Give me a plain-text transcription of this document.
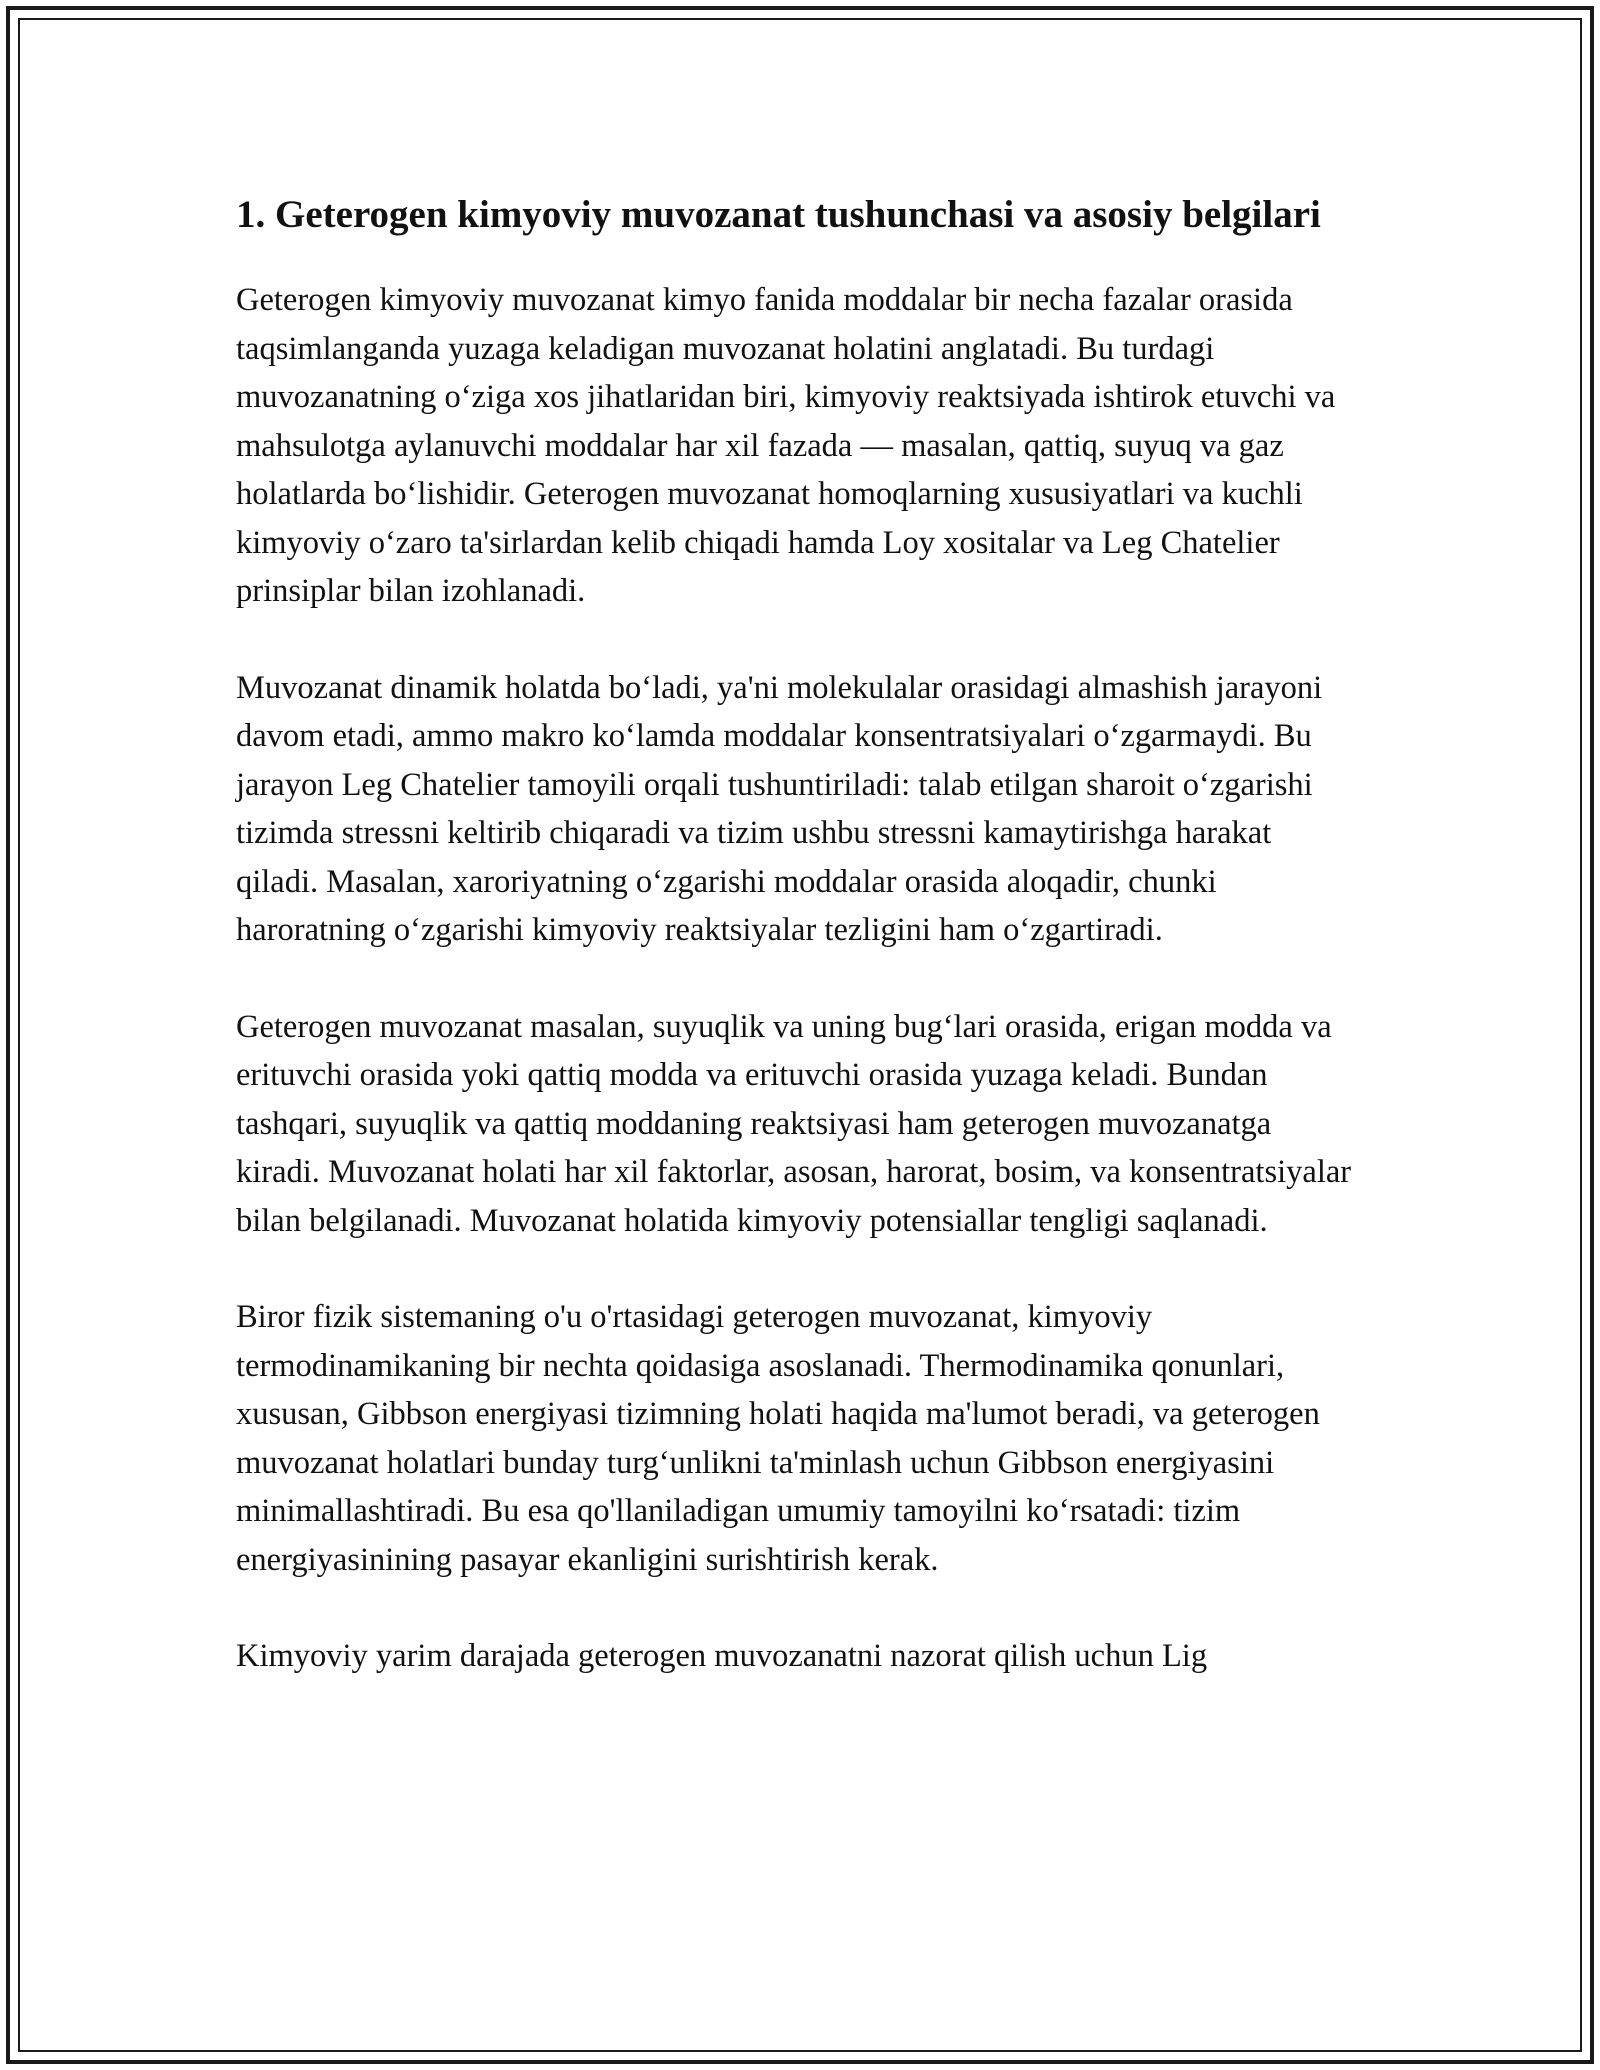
1. Geterogen kimyoviy muvozanat tushunchasi va asosiy belgilari

Geterogen kimyoviy muvozanat kimyo fanida moddalar bir necha fazalar orasida taqsimlanganda yuzaga keladigan muvozanat holatini anglatadi. Bu turdagi muvozanatning o‘ziga xos jihatlaridan biri, kimyoviy reaktsiyada ishtirok etuvchi va mahsulotga aylanuvchi moddalar har xil fazada — masalan, qattiq, suyuq va gaz holatlarda bo‘lishidir. Geterogen muvozanat homoqlarning xususiyatlari va kuchli kimyoviy o‘zaro ta'sirlardan kelib chiqadi hamda Loy xositalar va Leg Chatelier prinsiplar bilan izohlanadi.

Muvozanat dinamik holatda bo‘ladi, ya'ni molekulalar orasidagi almashish jarayoni davom etadi, ammo makro ko‘lamda moddalar konsentratsiyalari o‘zgarmaydi. Bu jarayon Leg Chatelier tamoyili orqali tushuntiriladi: talab etilgan sharoit o‘zgarishi tizimda stressni keltirib chiqaradi va tizim ushbu stressni kamaytirishga harakat qiladi. Masalan, xaroriyatning o‘zgarishi moddalar orasida aloqadir, chunki haroratning o‘zgarishi kimyoviy reaktsiyalar tezligini ham o‘zgartiradi.

Geterogen muvozanat masalan, suyuqlik va uning bug‘lari orasida, erigan modda va erituvchi orasida yoki qattiq modda va erituvchi orasida yuzaga keladi. Bundan tashqari, suyuqlik va qattiq moddaning reaktsiyasi ham geterogen muvozanatga kiradi. Muvozanat holati har xil faktorlar, asosan, harorat, bosim, va konsentratsiyalar bilan belgilanadi. Muvozanat holatida kimyoviy potensiallar tengligi saqlanadi.

Biror fizik sistemaning o'u o'rtasidagi geterogen muvozanat, kimyoviy termodinamikaning bir nechta qoidasiga asoslanadi. Thermodinamika qonunlari, xususan, Gibbson energiyasi tizimning holati haqida ma'lumot beradi, va geterogen muvozanat holatlari bunday turg‘unlikni ta'minlash uchun Gibbson energiyasini minimallashtiradi. Bu esa qo'llaniladigan umumiy tamoyilni ko‘rsatadi: tizim energiyasinining pasayar ekanligini surishtirish kerak.

Kimyoviy yarim darajada geterogen muvozanatni nazorat qilish uchun Lig
